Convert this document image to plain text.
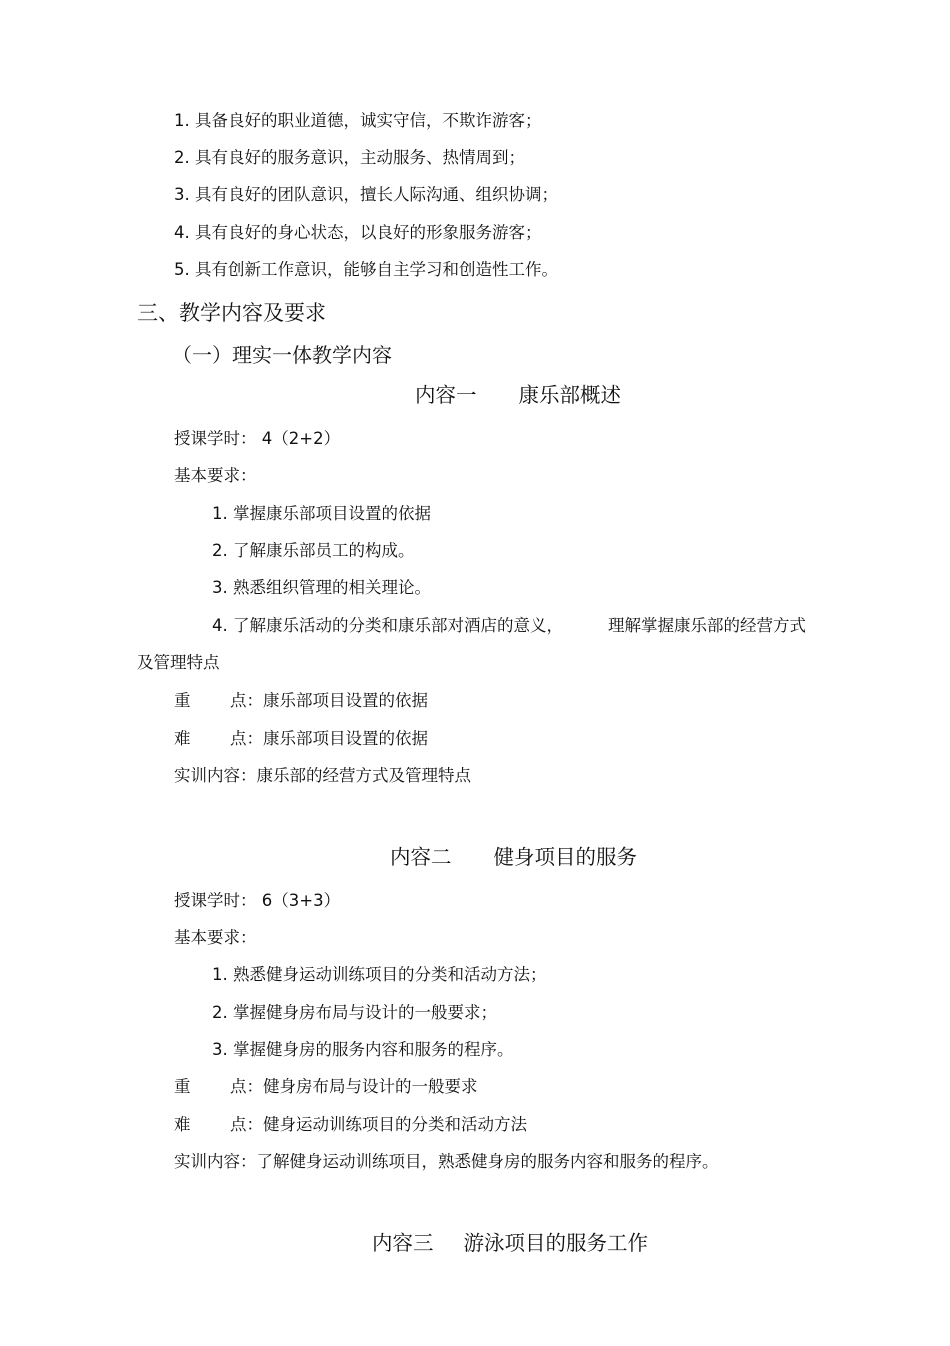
1. 具备良好的职业道德，诚实守信，不欺诈游客；
2. 具有良好的服务意识，主动服务、热情周到；
3. 具有良好的团队意识，擅长人际沟通、组织协调；
4. 具有良好的身心状态，以良好的形象服务游客；
5. 具有创新工作意识，能够自主学习和创造性工作。
三、教学内容及要求
（一）理实一体教学内容
内容一 康乐部概述
授课学时： 4（2+2）
基本要求：
1. 掌握康乐部项目设置的依据
2. 了解康乐部员工的构成。
3. 熟悉组织管理的相关理论。
4. 了解康乐活动的分类和康乐部对酒店的意义，	理解掌握康乐部的经营方式
及管理特点
重 点：康乐部项目设置的依据
难 点：康乐部项目设置的依据
实训内容：康乐部的经营方式及管理特点
内容二 健身项目的服务
授课学时： 6（3+3）
基本要求：
1. 熟悉健身运动训练项目的分类和活动方法；
2. 掌握健身房布局与设计的一般要求；
3. 掌握健身房的服务内容和服务的程序。
重 点：健身房布局与设计的一般要求
难 点：健身运动训练项目的分类和活动方法
实训内容：了解健身运动训练项目，熟悉健身房的服务内容和服务的程序。
内容三 游泳项目的服务工作
